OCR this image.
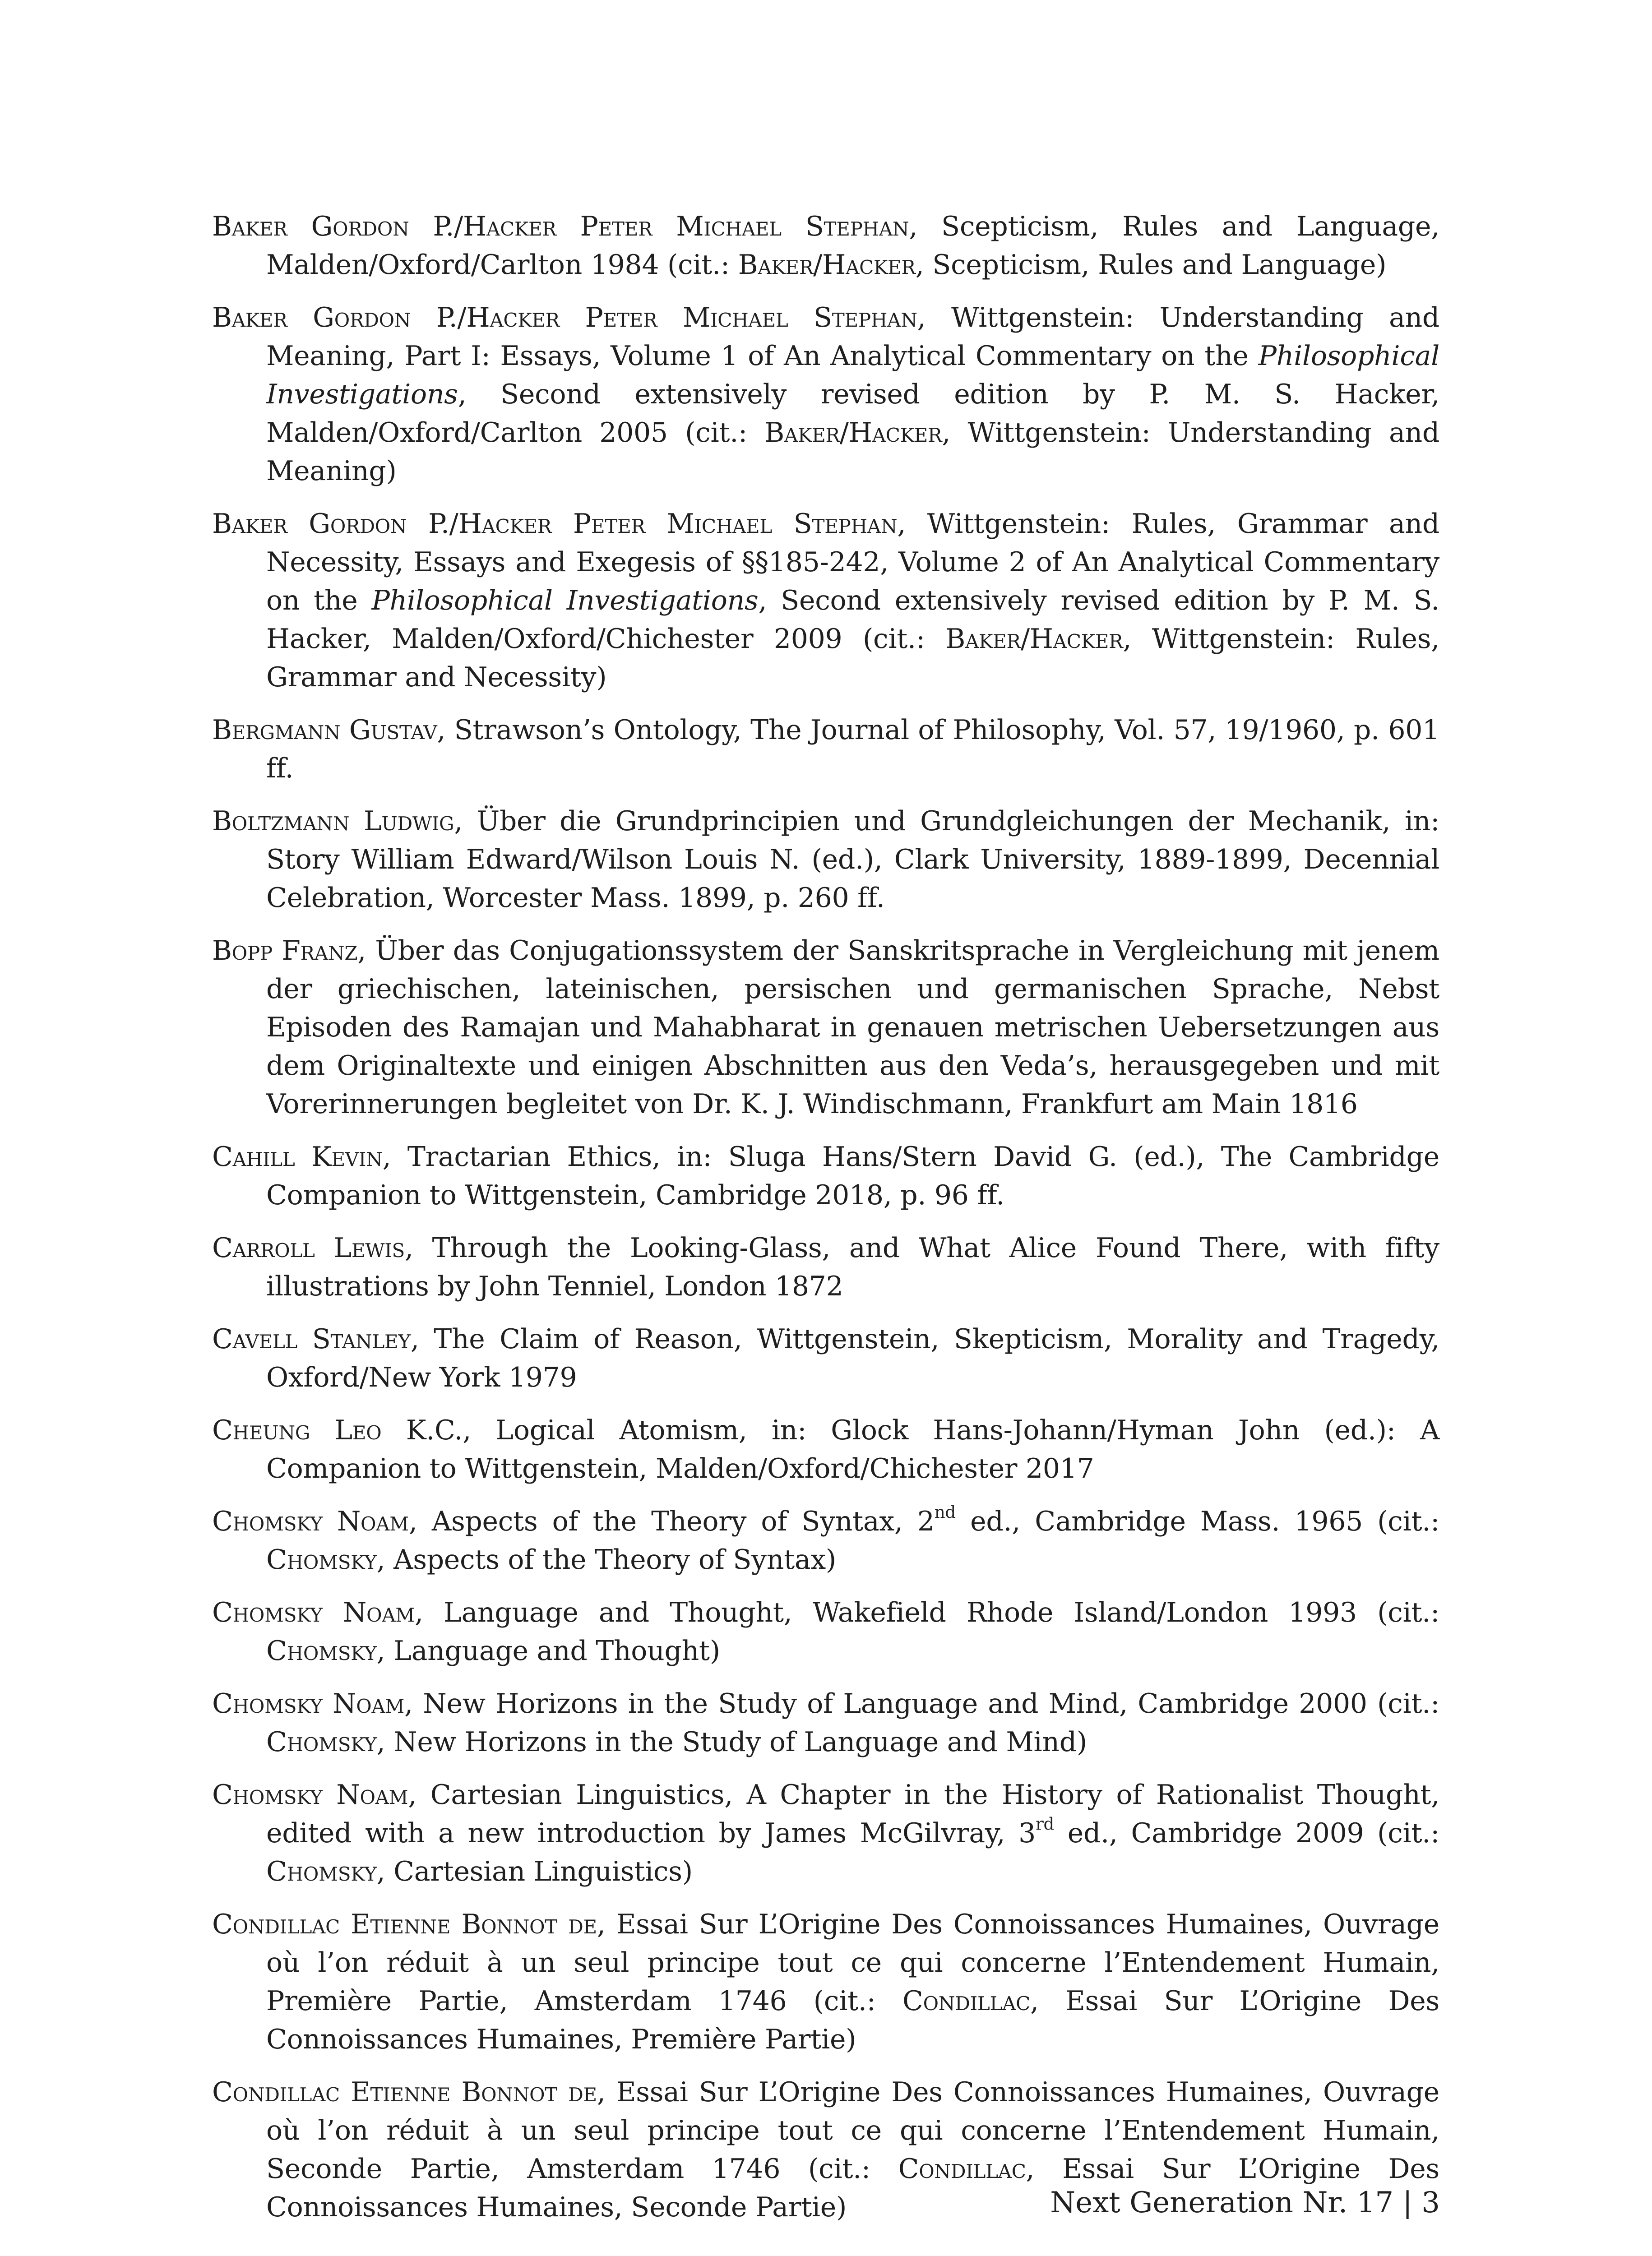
Baker Gordon P./Hacker Peter Michael Stephan, Scepticism, Rules and Language, Malden/Oxford/Carlton 1984 (cit.: Baker/Hacker, Scepticism, Rules and Language)

Baker Gordon P./Hacker Peter Michael Stephan, Wittgenstein: Understanding and Meaning, Part I: Essays, Volume 1 of An Analytical Commentary on the Philosophical Investigations, Second extensively revised edition by P. M. S. Hacker, Malden/Oxford/Carlton 2005 (cit.: Baker/Hacker, Wittgenstein: Understanding and Meaning)

Baker Gordon P./Hacker Peter Michael Stephan, Wittgenstein: Rules, Grammar and Necessity, Essays and Exegesis of §§185-242, Volume 2 of An Analytical Commentary on the Philosophical Investigations, Second extensively revised edition by P. M. S. Hacker, Malden/Oxford/Chichester 2009 (cit.: Baker/Hacker, Wittgenstein: Rules, Grammar and Necessity)

Bergmann Gustav, Strawson’s Ontology, The Journal of Philosophy, Vol. 57, 19/1960, p. 601 ff.

Boltzmann Ludwig, Über die Grundprincipien und Grundgleichungen der Mechanik, in: Story William Edward/Wilson Louis N. (ed.), Clark University, 1889-1899, Decennial Celebration, Worcester Mass. 1899, p. 260 ff.

Bopp Franz, Über das Conjugationssystem der Sanskritsprache in Vergleichung mit jenem der griechischen, lateinischen, persischen und germanischen Sprache, Nebst Episoden des Ramajan und Mahabharat in genauen metrischen Uebersetzungen aus dem Originaltexte und einigen Abschnitten aus den Veda’s, herausgegeben und mit Vorerinnerungen begleitet von Dr. K. J. Windischmann, Frankfurt am Main 1816

Cahill Kevin, Tractarian Ethics, in: Sluga Hans/Stern David G. (ed.), The Cambridge Companion to Wittgenstein, Cambridge 2018, p. 96 ff.

Carroll Lewis, Through the Looking-Glass, and What Alice Found There, with fifty illustrations by John Tenniel, London 1872

Cavell Stanley, The Claim of Reason, Wittgenstein, Skepticism, Morality and Tragedy, Oxford/New York 1979

Cheung Leo K.C., Logical Atomism, in: Glock Hans-Johann/Hyman John (ed.): A Companion to Wittgenstein, Malden/Oxford/Chichester 2017

Chomsky Noam, Aspects of the Theory of Syntax, 2nd ed., Cambridge Mass. 1965 (cit.: Chomsky, Aspects of the Theory of Syntax)

Chomsky Noam, Language and Thought, Wakefield Rhode Island/London 1993 (cit.: Chomsky, Language and Thought)

Chomsky Noam, New Horizons in the Study of Language and Mind, Cambridge 2000 (cit.: Chomsky, New Horizons in the Study of Language and Mind)

Chomsky Noam, Cartesian Linguistics, A Chapter in the History of Rationalist Thought, edited with a new introduction by James McGilvray, 3rd ed., Cambridge 2009 (cit.: Chomsky, Cartesian Linguistics)

Condillac Etienne Bonnot de, Essai Sur L’Origine Des Connoissances Humaines, Ouvrage où l’on réduit à un seul principe tout ce qui concerne l’Entendement Humain, Première Partie, Amsterdam 1746 (cit.: Condillac, Essai Sur L’Origine Des Connoissances Humaines, Première Partie)

Condillac Etienne Bonnot de, Essai Sur L’Origine Des Connoissances Humaines, Ouvrage où l’on réduit à un seul principe tout ce qui concerne l’Entendement Humain, Seconde Partie, Amsterdam 1746 (cit.: Condillac, Essai Sur L’Origine Des Connoissances Humaines, Seconde Partie)	Next Generation Nr. 17 | 3
